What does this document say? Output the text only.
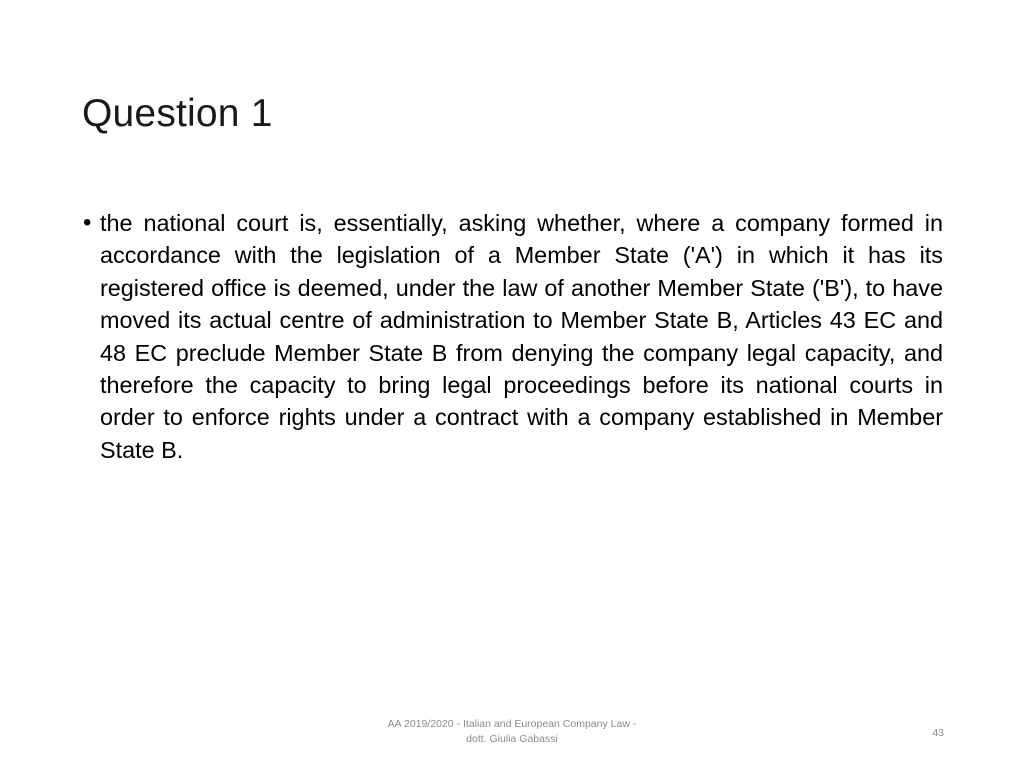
Question 1
• the national court is, essentially, asking whether, where a company formed in accordance with the legislation of a Member State ('A') in which it has its registered office is deemed, under the law of another Member State ('B'), to have moved its actual centre of administration to Member State B, Articles 43 EC and 48 EC preclude Member State B from denying the company legal capacity, and therefore the capacity to bring legal proceedings before its national courts in order to enforce rights under a contract with a company established in Member State B.
AA 2019/2020 - Italian and European Company Law -
dott. Giulia Gabassi	43
